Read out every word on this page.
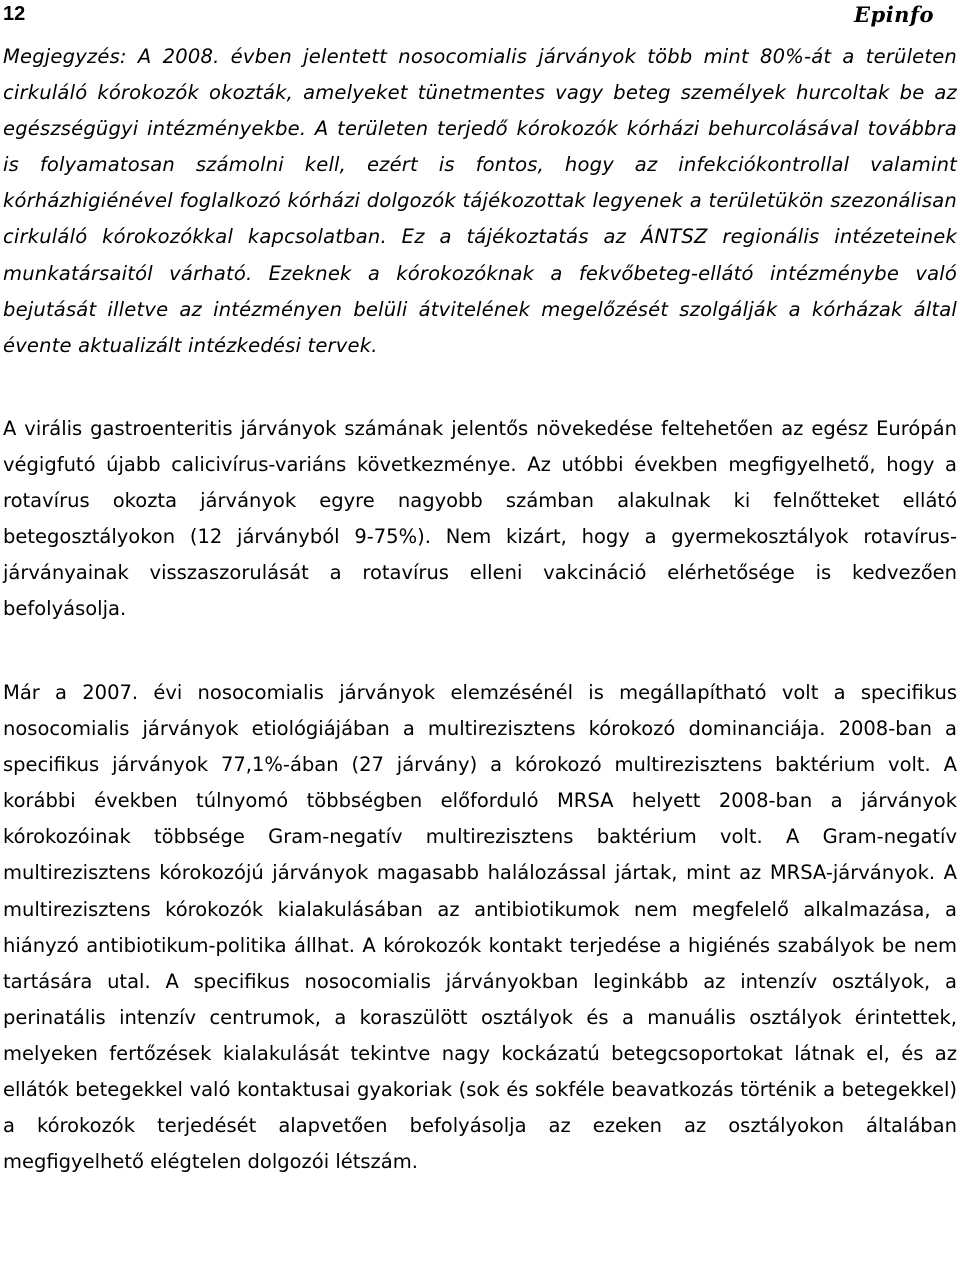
12	Epinfo

Megjegyzés: A 2008. évben jelentett nosocomialis járványok több mint 80%-át a területen cirkuláló kórokozók okozták, amelyeket tünetmentes vagy beteg személyek hurcoltak be az egészségügyi intézményekbe. A területen terjedő kórokozók kórházi behurcolásával továbbra is folyamatosan számolni kell, ezért is fontos, hogy az infekciókontrollal valamint kórházhigiénével foglalkozó kórházi dolgozók tájékozottak legyenek a területükön szezonálisan cirkuláló kórokozókkal kapcsolatban. Ez a tájékoztatás az ÁNTSZ regionális intézeteinek munkatársaitól várható. Ezeknek a kórokozóknak a fekvőbeteg-ellátó intézménybe való bejutását illetve az intézményen belüli átvitelének megelőzését szolgálják a kórházak által évente aktualizált intézkedési tervek.

A virális gastroenteritis járványok számának jelentős növekedése feltehetően az egész Európán végigfutó újabb calicivírus-variáns következménye. Az utóbbi években megfigyelhető, hogy a rotavírus okozta járványok egyre nagyobb számban alakulnak ki felnőtteket ellátó betegosztályokon (12 járványból 9-75%). Nem kizárt, hogy a gyermekosztályok rotavírus-járványainak visszaszorulását a rotavírus elleni vakcináció elérhetősége is kedvezően befolyásolja.

Már a 2007. évi nosocomialis járványok elemzésénél is megállapítható volt a specifikus nosocomialis járványok etiológiájában a multirezisztens kórokozó dominanciája. 2008-ban a specifikus járványok 77,1%-ában (27 járvány) a kórokozó multirezisztens baktérium volt. A korábbi években túlnyomó többségben előforduló MRSA helyett 2008-ban a járványok kórokozóinak többsége Gram-negatív multirezisztens baktérium volt. A Gram-negatív multirezisztens kórokozójú járványok magasabb halálozással jártak, mint az MRSA-járványok. A multirezisztens kórokozók kialakulásában az antibiotikumok nem megfelelő alkalmazása, a hiányzó antibiotikum-politika állhat. A kórokozók kontakt terjedése a higiénés szabályok be nem tartására utal. A specifikus nosocomialis járványokban leginkább az intenzív osztályok, a perinatális intenzív centrumok, a koraszülött osztályok és a manuális osztályok érintettek, melyeken fertőzések kialakulását tekintve nagy kockázatú betegcsoportokat látnak el, és az ellátók betegekkel való kontaktusai gyakoriak (sok és sokféle beavatkozás történik a betegekkel) a kórokozók terjedését alapvetően befolyásolja az ezeken az osztályokon általában megfigyelhető elégtelen dolgozói létszám.
